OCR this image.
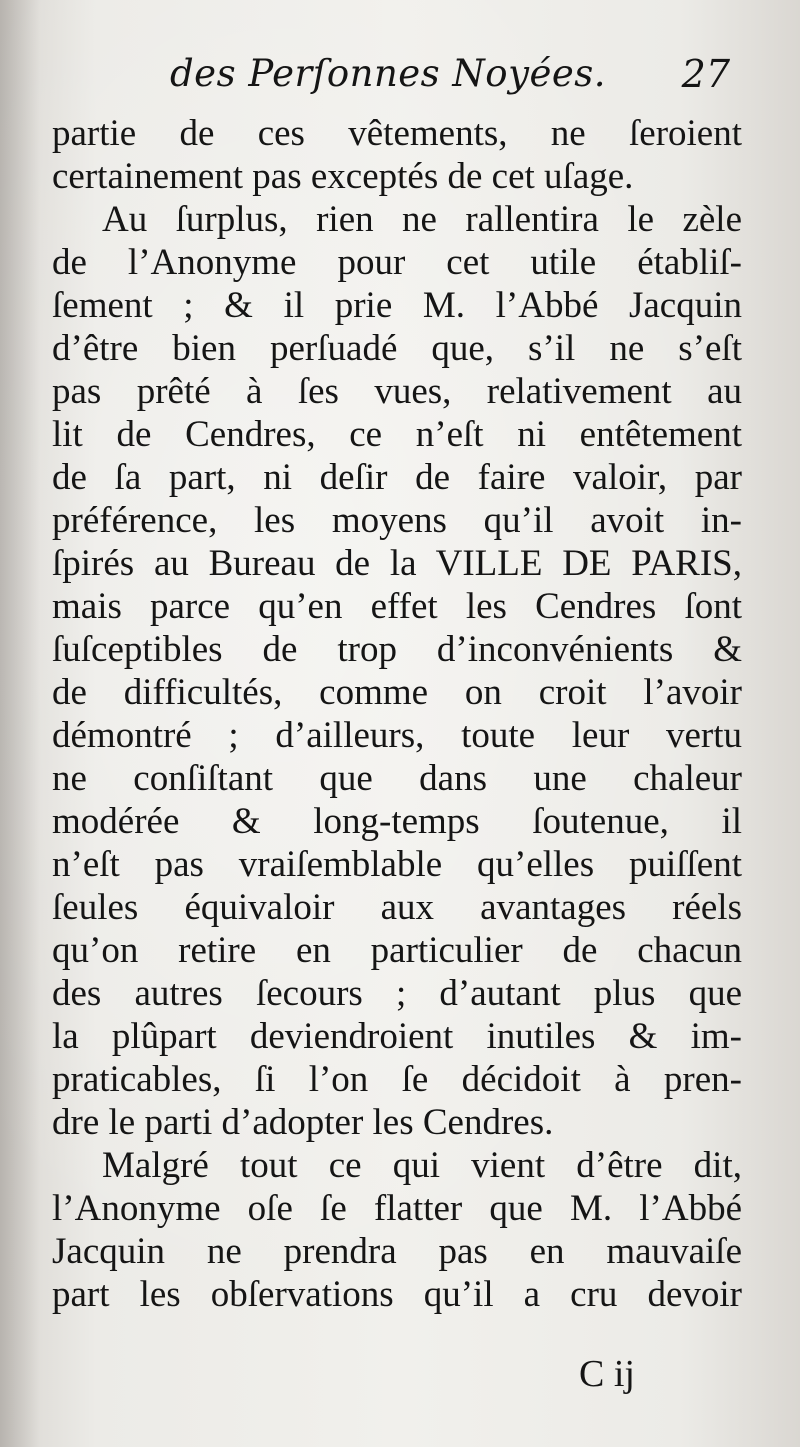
des Perſonnes Noyées. 27
partie de ces vêtements, ne ſeroient
certainement pas exceptés de cet uſage.
Au ſurplus, rien ne rallentira le zèle
de l’Anonyme pour cet utile établiſ-
ſement ; & il prie M. l’Abbé Jacquin
d’être bien perſuadé que, s’il ne s’eſt
pas prêté à ſes vues, relativement au
lit de Cendres, ce n’eſt ni entêtement
de ſa part, ni deſir de faire valoir, par
préférence, les moyens qu’il avoit in-
ſpirés au Bureau de la VILLE DE PARIS,
mais parce qu’en effet les Cendres ſont
ſuſceptibles de trop d’inconvénients &
de difficultés, comme on croit l’avoir
démontré ; d’ailleurs, toute leur vertu
ne conſiſtant que dans une chaleur
modérée & long-temps ſoutenue, il
n’eſt pas vraiſemblable qu’elles puiſſent
ſeules équivaloir aux avantages réels
qu’on retire en particulier de chacun
des autres ſecours ; d’autant plus que
la plûpart deviendroient inutiles & im-
praticables, ſi l’on ſe décidoit à pren-
dre le parti d’adopter les Cendres.
Malgré tout ce qui vient d’être dit,
l’Anonyme oſe ſe flatter que M. l’Abbé
Jacquin ne prendra pas en mauvaiſe
part les obſervations qu’il a cru devoir
C ij
